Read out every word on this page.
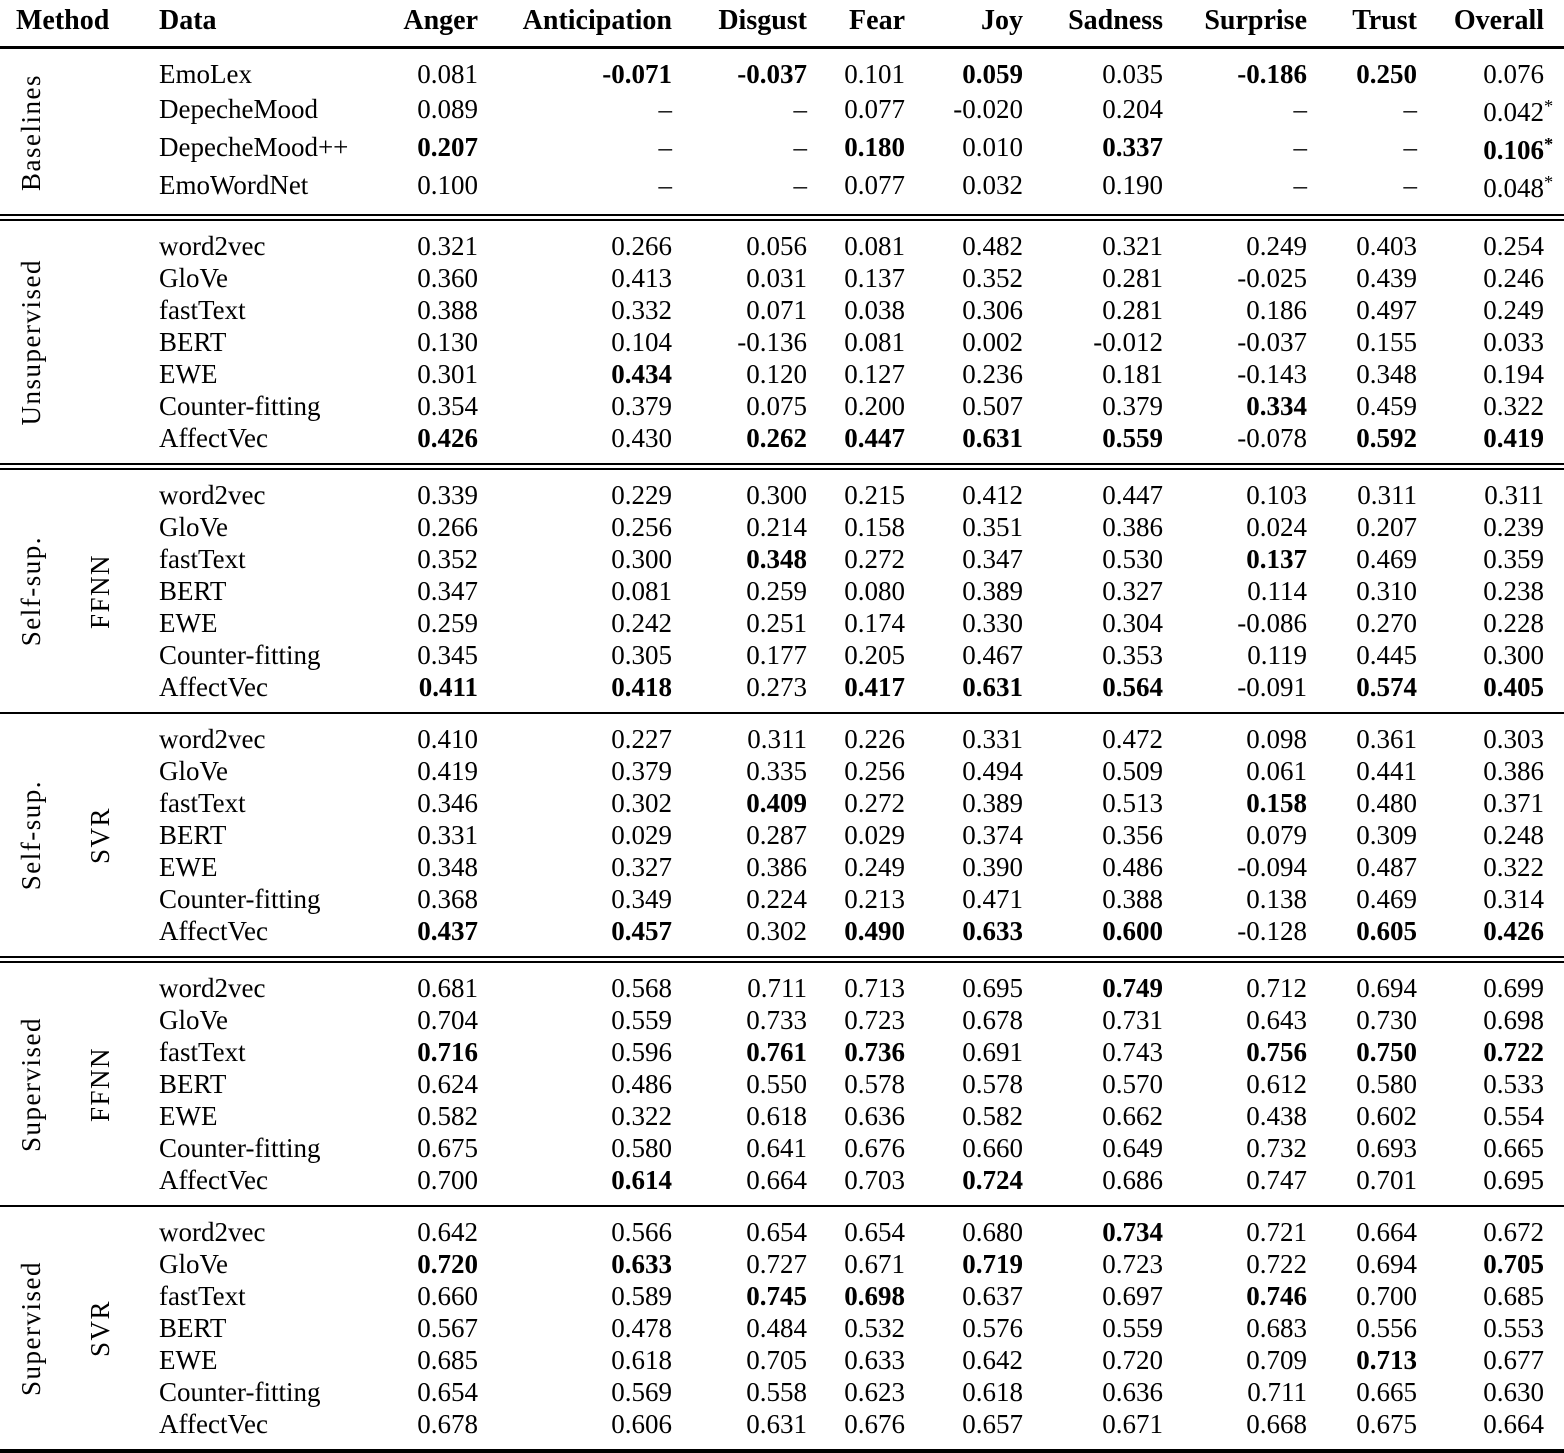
Method		Data	Anger	Anticipation	Disgust	Fear	Joy	Sadness	Surprise	Trust	Overall
Baselines		EmoLex	0.081	-0.071	-0.037	0.101	0.059	0.035	-0.186	0.250	0.076
		DepecheMood	0.089	–	–	0.077	-0.020	0.204	–	–	0.042*
		DepecheMood++	0.207	–	–	0.180	0.010	0.337	–	–	0.106*
		EmoWordNet	0.100	–	–	0.077	0.032	0.190	–	–	0.048*
Unsupervised		word2vec	0.321	0.266	0.056	0.081	0.482	0.321	0.249	0.403	0.254
		GloVe	0.360	0.413	0.031	0.137	0.352	0.281	-0.025	0.439	0.246
		fastText	0.388	0.332	0.071	0.038	0.306	0.281	0.186	0.497	0.249
		BERT	0.130	0.104	-0.136	0.081	0.002	-0.012	-0.037	0.155	0.033
		EWE	0.301	0.434	0.120	0.127	0.236	0.181	-0.143	0.348	0.194
		Counter-fitting	0.354	0.379	0.075	0.200	0.507	0.379	0.334	0.459	0.322
		AffectVec	0.426	0.430	0.262	0.447	0.631	0.559	-0.078	0.592	0.419
Self-sup.	FFNN	word2vec	0.339	0.229	0.300	0.215	0.412	0.447	0.103	0.311	0.311
		GloVe	0.266	0.256	0.214	0.158	0.351	0.386	0.024	0.207	0.239
		fastText	0.352	0.300	0.348	0.272	0.347	0.530	0.137	0.469	0.359
		BERT	0.347	0.081	0.259	0.080	0.389	0.327	0.114	0.310	0.238
		EWE	0.259	0.242	0.251	0.174	0.330	0.304	-0.086	0.270	0.228
		Counter-fitting	0.345	0.305	0.177	0.205	0.467	0.353	0.119	0.445	0.300
		AffectVec	0.411	0.418	0.273	0.417	0.631	0.564	-0.091	0.574	0.405
Self-sup.	SVR	word2vec	0.410	0.227	0.311	0.226	0.331	0.472	0.098	0.361	0.303
		GloVe	0.419	0.379	0.335	0.256	0.494	0.509	0.061	0.441	0.386
		fastText	0.346	0.302	0.409	0.272	0.389	0.513	0.158	0.480	0.371
		BERT	0.331	0.029	0.287	0.029	0.374	0.356	0.079	0.309	0.248
		EWE	0.348	0.327	0.386	0.249	0.390	0.486	-0.094	0.487	0.322
		Counter-fitting	0.368	0.349	0.224	0.213	0.471	0.388	0.138	0.469	0.314
		AffectVec	0.437	0.457	0.302	0.490	0.633	0.600	-0.128	0.605	0.426
Supervised	FFNN	word2vec	0.681	0.568	0.711	0.713	0.695	0.749	0.712	0.694	0.699
		GloVe	0.704	0.559	0.733	0.723	0.678	0.731	0.643	0.730	0.698
		fastText	0.716	0.596	0.761	0.736	0.691	0.743	0.756	0.750	0.722
		BERT	0.624	0.486	0.550	0.578	0.578	0.570	0.612	0.580	0.533
		EWE	0.582	0.322	0.618	0.636	0.582	0.662	0.438	0.602	0.554
		Counter-fitting	0.675	0.580	0.641	0.676	0.660	0.649	0.732	0.693	0.665
		AffectVec	0.700	0.614	0.664	0.703	0.724	0.686	0.747	0.701	0.695
Supervised	SVR	word2vec	0.642	0.566	0.654	0.654	0.680	0.734	0.721	0.664	0.672
		GloVe	0.720	0.633	0.727	0.671	0.719	0.723	0.722	0.694	0.705
		fastText	0.660	0.589	0.745	0.698	0.637	0.697	0.746	0.700	0.685
		BERT	0.567	0.478	0.484	0.532	0.576	0.559	0.683	0.556	0.553
		EWE	0.685	0.618	0.705	0.633	0.642	0.720	0.709	0.713	0.677
		Counter-fitting	0.654	0.569	0.558	0.623	0.618	0.636	0.711	0.665	0.630
		AffectVec	0.678	0.606	0.631	0.676	0.657	0.671	0.668	0.675	0.664
